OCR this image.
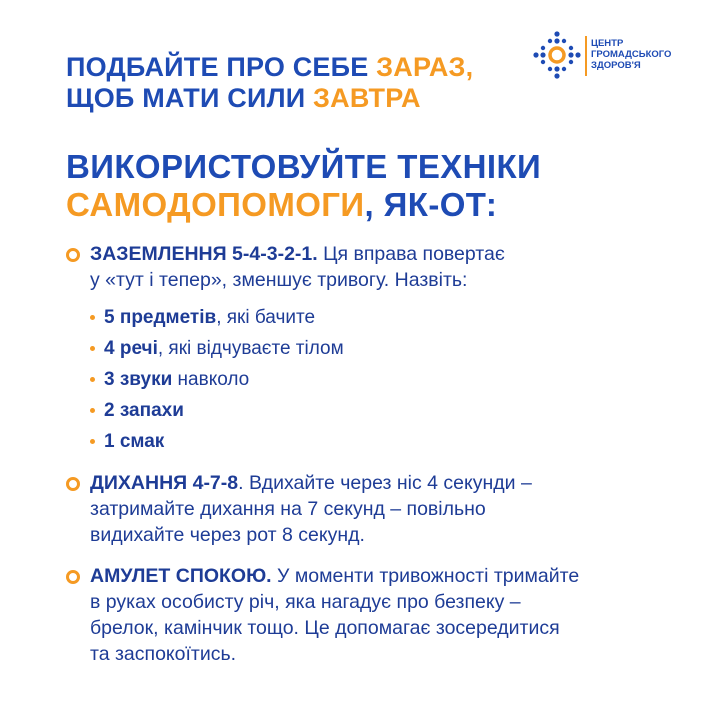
ПОДБАЙТЕ ПРО СЕБЕ ЗАРАЗ,
ЩОБ МАТИ СИЛИ ЗАВТРА
ЦЕНТР
ГРОМАДСЬКОГО
ЗДОРОВ'Я
ВИКОРИСТОВУЙТЕ ТЕХНІКИ
САМОДОПОМОГИ, ЯК-ОТ:
ЗАЗЕМЛЕННЯ 5-4-3-2-1. Ця вправа повертає
у «тут і тепер», зменшує тривогу. Назвіть:
5 предметів, які бачите
4 речі, які відчуваєте тілом
3 звуки навколо
2 запахи
1 смак
ДИХАННЯ 4-7-8. Вдихайте через ніс 4 секунди –
затримайте дихання на 7 секунд – повільно
видихайте через рот 8 секунд.
АМУЛЕТ СПОКОЮ. У моменти тривожності тримайте
в руках особисту річ, яка нагадує про безпеку –
брелок, камінчик тощо. Це допомагає зосередитися
та заспокоїтись.
